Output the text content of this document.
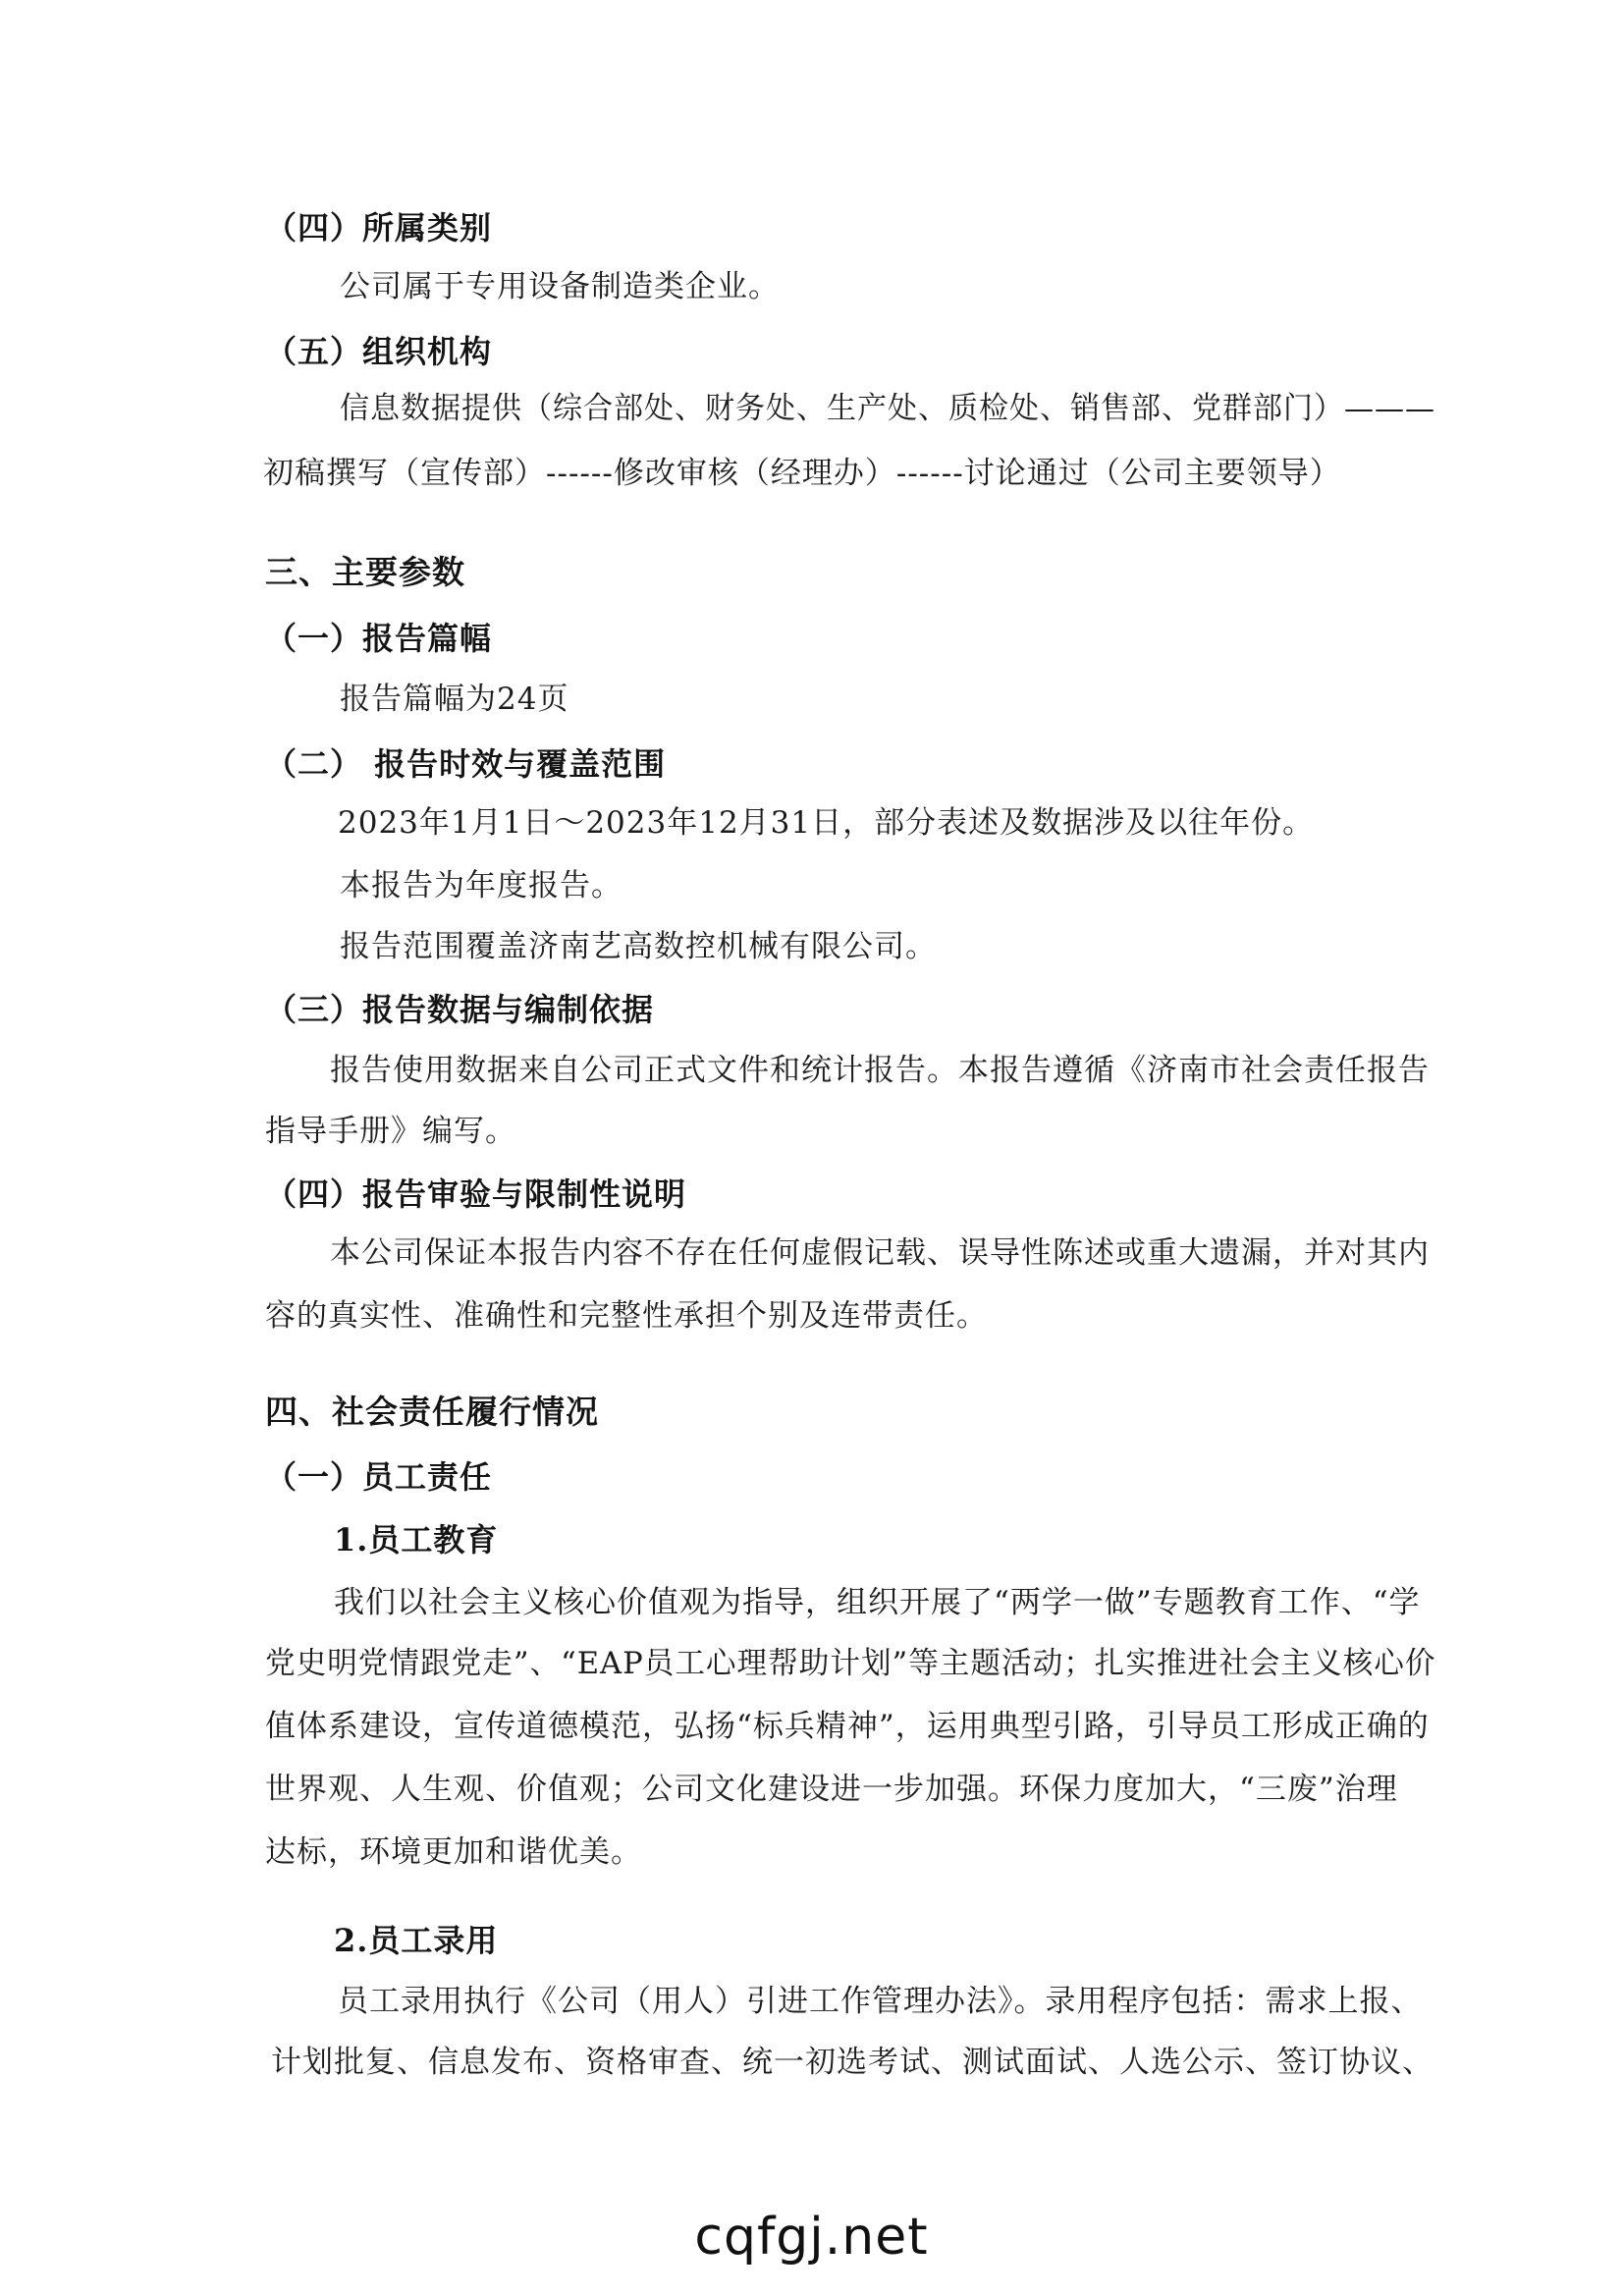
（四）所属类别
公司属于专用设备制造类企业。
（五）组织机构
信息数据提供（综合部处、财务处、生产处、质检处、销售部、党群部门）———
初稿撰写（宣传部）------修改审核（经理办）------讨论通过（公司主要领导）
三、主要参数
（一）报告篇幅
报告篇幅为24页
（二） 报告时效与覆盖范围
2023年1月1日～2023年12月31日，部分表述及数据涉及以往年份。
本报告为年度报告。
报告范围覆盖济南艺高数控机械有限公司。
（三）报告数据与编制依据
报告使用数据来自公司正式文件和统计报告。本报告遵循《济南市社会责任报告
指导手册》编写。
（四）报告审验与限制性说明
本公司保证本报告内容不存在任何虚假记载、误导性陈述或重大遗漏，并对其内
容的真实性、准确性和完整性承担个别及连带责任。
四、社会责任履行情况
（一）员工责任
1.员工教育
我们以社会主义核心价值观为指导，组织开展了“两学一做”专题教育工作、“学
党史明党情跟党走”、“EAP员工心理帮助计划”等主题活动；扎实推进社会主义核心价
值体系建设，宣传道德模范，弘扬“标兵精神”，运用典型引路，引导员工形成正确的
世界观、人生观、价值观；公司文化建设进一步加强。环保力度加大，“三废”治理
达标，环境更加和谐优美。
2.员工录用
员工录用执行《公司（用人）引进工作管理办法》。录用程序包括：需求上报、
计划批复、信息发布、资格审查、统一初选考试、测试面试、人选公示、签订协议、
cqfgj.net
